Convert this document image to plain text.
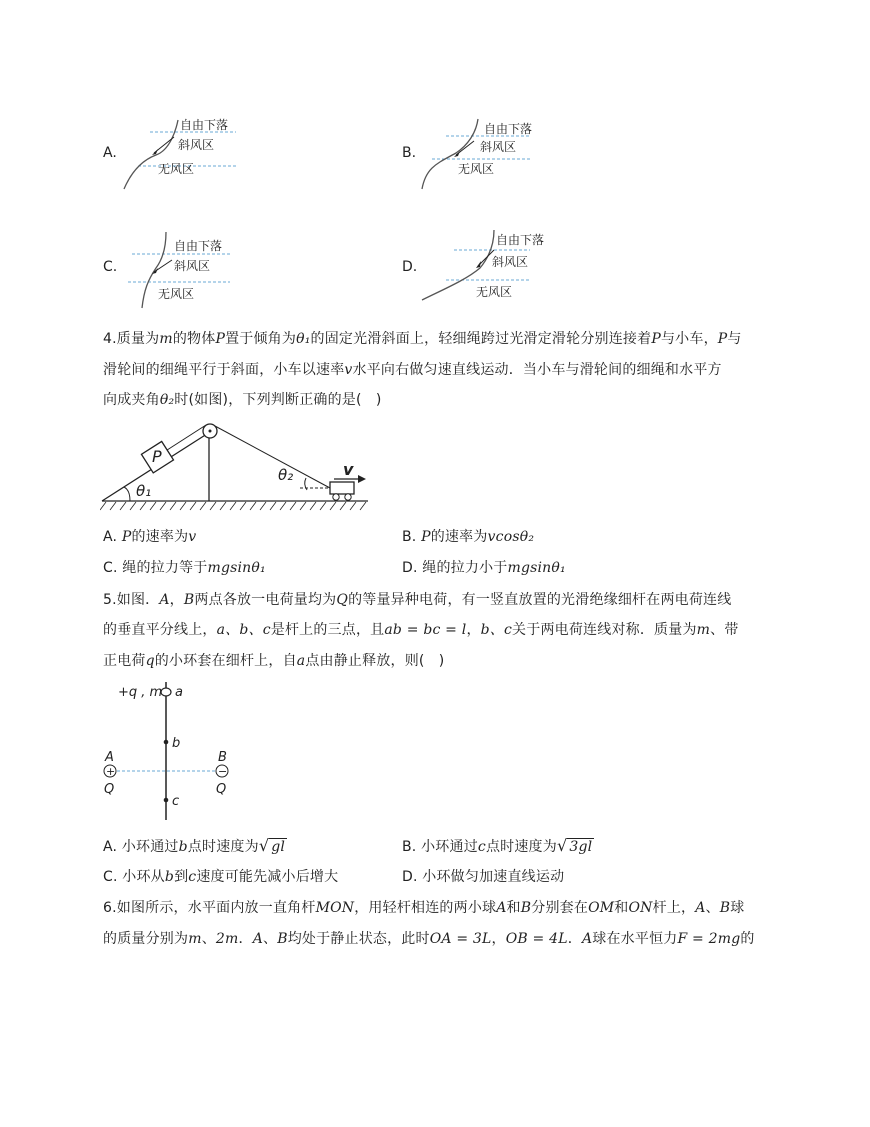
A.
自由下落
斜风区
无风区
B.
自由下落
斜风区
无风区
C.
自由下落
斜风区
无风区
D.
自由下落
斜风区
无风区
4.质量为m的物体P置于倾角为θ₁的固定光滑斜面上，轻细绳跨过光滑定滑轮分别连接着P与小车，P与
滑轮间的细绳平行于斜面，小车以速率v水平向右做匀速直线运动．当小车与滑轮间的细绳和水平方
向成夹角θ₂时(如图)，下列判断正确的是(　)
P
v
θ₁
θ₂
A. P的速率为v	B. P的速率为vcosθ₂
C. 绳的拉力等于mgsinθ₁	D. 绳的拉力小于mgsinθ₁
5.如图．A，B两点各放一电荷量均为Q的等量异种电荷，有一竖直放置的光滑绝缘细杆在两电荷连线
的垂直平分线上，a、b、c是杆上的三点，且ab = bc = l，b、c关于两电荷连线对称．质量为m、带
正电荷q的小环套在细杆上，自a点由静止释放，则(　)
+q , m a
b
c
A
+
Q
B
−
Q
A. 小环通过b点时速度为√ gl	B. 小环通过c点时速度为√ 3gl
C. 小环从b到c速度可能先减小后增大	D. 小环做匀加速直线运动
6.如图所示，水平面内放一直角杆MON，用轻杆相连的两小球A和B分别套在OM和ON杆上，A、B球
的质量分别为m、2m．A、B均处于静止状态，此时OA = 3L，OB = 4L．A球在水平恒力F = 2mg的
